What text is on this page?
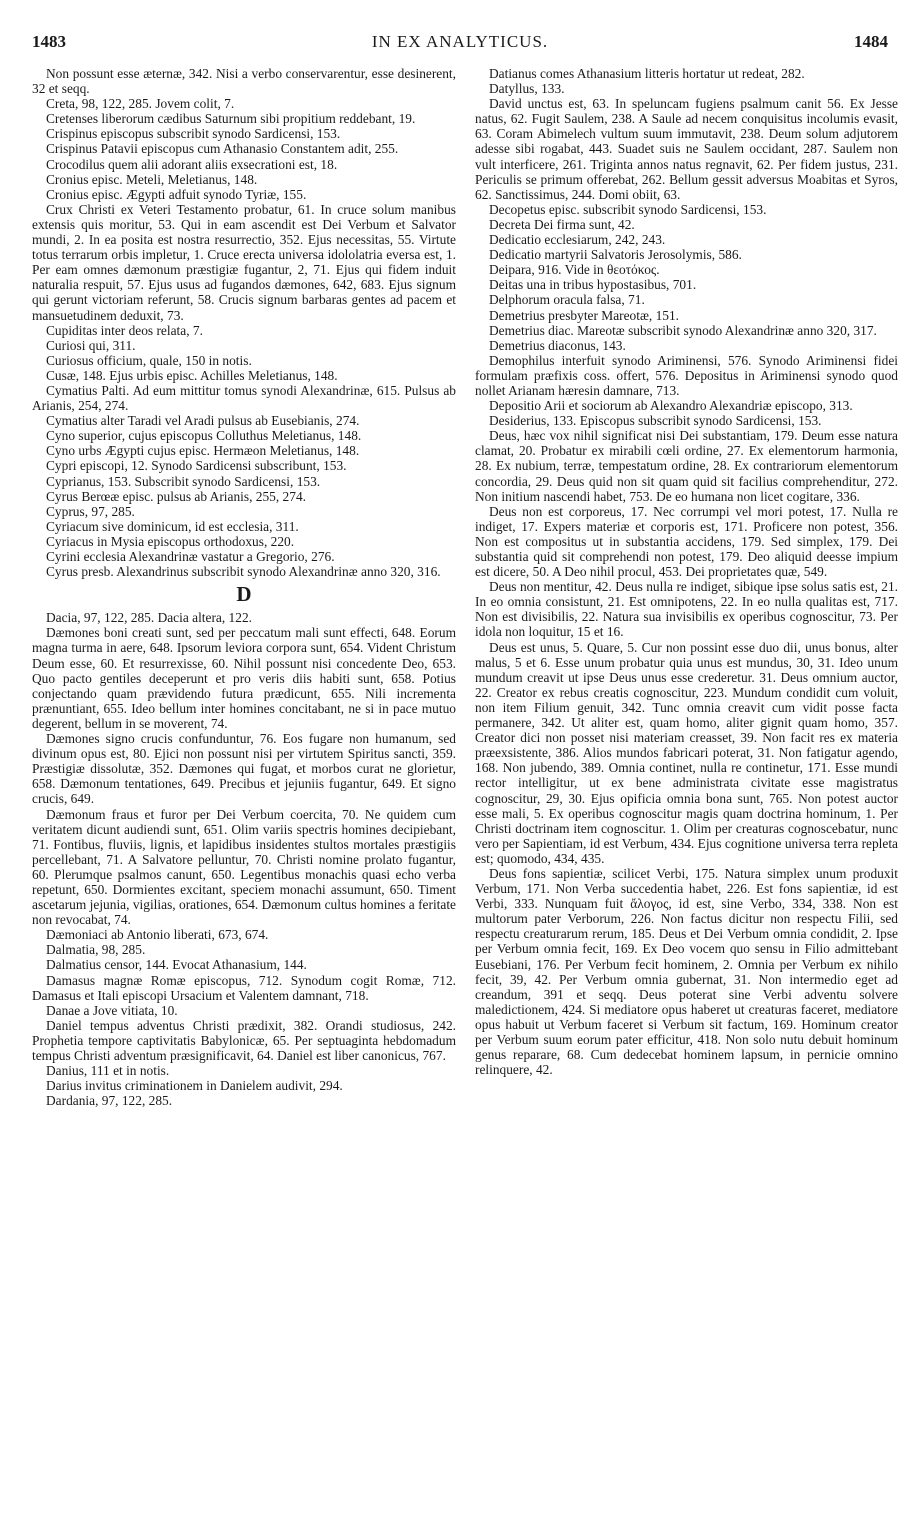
1483	IN EX ANALYTICUS.	1484

Non possunt esse æternæ, 342. Nisi a verbo conservarentur, esse desinerent, 32 et seqq.

Creta, 98, 122, 285. Jovem colit, 7.

Cretenses liberorum cædibus Saturnum sibi propitium reddebant, 19.

Crispinus episcopus subscribit synodo Sardicensi, 153.

Crispinus Patavii episcopus cum Athanasio Constantem adit, 255.

Crocodilus quem alii adorant aliis exsecrationi est, 18.

Cronius episc. Meteli, Meletianus, 148.

Cronius episc. Ægypti adfuit synodo Tyriæ, 155.

Crux Christi ex Veteri Testamento probatur, 61. In cruce solum manibus extensis quis moritur, 53. Qui in eam ascendit est Dei Verbum et Salvator mundi, 2. In ea posita est nostra resurrectio, 352. Ejus necessitas, 55. Virtute totus terrarum orbis impletur, 1. Cruce erecta universa idololatria eversa est, 1. Per eam omnes dæmonum præstigiæ fugantur, 2, 71. Ejus qui fidem induit naturalia respuit, 57. Ejus usus ad fugandos dæmones, 642, 683. Ejus signum qui gerunt victoriam referunt, 58. Crucis signum barbaras gentes ad pacem et mansuetudinem deduxit, 73.

Cupiditas inter deos relata, 7.

Curiosi qui, 311.

Curiosus officium, quale, 150 in notis.

Cusæ, 148. Ejus urbis episc. Achilles Meletianus, 148.

Cymatius Palti. Ad eum mittitur tomus synodi Alexandrinæ, 615. Pulsus ab Arianis, 254, 274.

Cymatius alter Taradi vel Aradi pulsus ab Eusebianis, 274.

Cyno superior, cujus episcopus Colluthus Meletianus, 148.

Cyno urbs Ægypti cujus episc. Hermæon Meletianus, 148.

Cypri episcopi, 12. Synodo Sardicensi subscribunt, 153.

Cyprianus, 153. Subscribit synodo Sardicensi, 153.

Cyrus Berœæ episc. pulsus ab Arianis, 255, 274.

Cyprus, 97, 285.

Cyriacum sive dominicum, id est ecclesia, 311.

Cyriacus in Mysia episcopus orthodoxus, 220.

Cyrini ecclesia Alexandrinæ vastatur a Gregorio, 276.

Cyrus presb. Alexandrinus subscribit synodo Alexandrinæ anno 320, 316.

D

Dacia, 97, 122, 285. Dacia altera, 122.

Dæmones boni creati sunt, sed per peccatum mali sunt effecti, 648. Eorum magna turma in aere, 648. Ipsorum leviora corpora sunt, 654. Vident Christum Deum esse, 60. Et resurrexisse, 60. Nihil possunt nisi concedente Deo, 653. Quo pacto gentiles deceperunt et pro veris diis habiti sunt, 658. Potius conjectando quam prævidendo futura prædicunt, 655. Nili incrementa prænuntiant, 655. Ideo bellum inter homines concitabant, ne si in pace mutuo degerent, bellum in se moverent, 74.

Dæmones signo crucis confunduntur, 76. Eos fugare non humanum, sed divinum opus est, 80. Ejici non possunt nisi per virtutem Spiritus sancti, 359. Præstigiæ dissolutæ, 352. Dæmones qui fugat, et morbos curat ne glorietur, 658. Dæmonum tentationes, 649. Precibus et jejuniis fugantur, 649. Et signo crucis, 649.

Dæmonum fraus et furor per Dei Verbum coercita, 70. Ne quidem cum veritatem dicunt audiendi sunt, 651. Olim variis spectris homines decipiebant, 71. Fontibus, fluviis, lignis, et lapidibus insidentes stultos mortales præstigiis percellebant, 71. A Salvatore pelluntur, 70. Christi nomine prolato fugantur, 60. Plerumque psalmos canunt, 650. Legentibus monachis quasi echo verba repetunt, 650. Dormientes excitant, speciem monachi assumunt, 650. Timent ascetarum jejunia, vigilias, orationes, 654. Dæmonum cultus homines a feritate non revocabat, 74.

Dæmoniaci ab Antonio liberati, 673, 674.

Dalmatia, 98, 285.

Dalmatius censor, 144. Evocat Athanasium, 144.

Damasus magnæ Romæ episcopus, 712. Synodum cogit Romæ, 712. Damasus et Itali episcopi Ursacium et Valentem damnant, 718.

Danae a Jove vitiata, 10.

Daniel tempus adventus Christi prædixit, 382. Orandi studiosus, 242. Prophetia tempore captivitatis Babylonicæ, 65. Per septuaginta hebdomadum tempus Christi adventum præsignificavit, 64. Daniel est liber canonicus, 767.

Danius, 111 et in notis.

Darius invitus criminationem in Danielem audivit, 294.

Dardania, 97, 122, 285.

Datianus comes Athanasium litteris hortatur ut redeat, 282.

Datyllus, 133.

David unctus est, 63. In speluncam fugiens psalmum canit 56. Ex Jesse natus, 62. Fugit Saulem, 238. A Saule ad necem conquisitus incolumis evasit, 63. Coram Abimelech vultum suum immutavit, 238. Deum solum adjutorem adesse sibi rogabat, 443. Suadet suis ne Saulem occidant, 287. Saulem non vult interficere, 261. Triginta annos natus regnavit, 62. Per fidem justus, 231. Periculis se primum offerebat, 262. Bellum gessit adversus Moabitas et Syros, 62. Sanctissimus, 244. Domi obiit, 63.

Decopetus episc. subscribit synodo Sardicensi, 153.

Decreta Dei firma sunt, 42.

Dedicatio ecclesiarum, 242, 243.

Dedicatio martyrii Salvatoris Jerosolymis, 586.

Deipara, 916. Vide in θεοτόκος.

Deitas una in tribus hypostasibus, 701.

Delphorum oracula falsa, 71.

Demetrius presbyter Mareotæ, 151.

Demetrius diac. Mareotæ subscribit synodo Alexandrinæ anno 320, 317.

Demetrius diaconus, 143.

Demophilus interfuit synodo Ariminensi, 576. Synodo Ariminensi fidei formulam præfixis coss. offert, 576. Depositus in Ariminensi synodo quod nollet Arianam hæresin damnare, 713.

Depositio Arii et sociorum ab Alexandro Alexandriæ episcopo, 313.

Desiderius, 133. Episcopus subscribit synodo Sardicensi, 153.

Deus, hæc vox nihil significat nisi Dei substantiam, 179. Deum esse natura clamat, 20. Probatur ex mirabili cœli ordine, 27. Ex elementorum harmonia, 28. Ex nubium, terræ, tempestatum ordine, 28. Ex contrariorum elementorum concordia, 29. Deus quid non sit quam quid sit facilius comprehenditur, 272. Non initium nascendi habet, 753. De eo humana non licet cogitare, 336.

Deus non est corporeus, 17. Nec corrumpi vel mori potest, 17. Nulla re indiget, 17. Expers materiæ et corporis est, 171. Proficere non potest, 356. Non est compositus ut in substantia accidens, 179. Sed simplex, 179. Dei substantia quid sit comprehendi non potest, 179. Deo aliquid deesse impium est dicere, 50. A Deo nihil procul, 453. Dei proprietates quæ, 549.

Deus non mentitur, 42. Deus nulla re indiget, sibique ipse solus satis est, 21. In eo omnia consistunt, 21. Est omnipotens, 22. In eo nulla qualitas est, 717. Non est divisibilis, 22. Natura sua invisibilis ex operibus cognoscitur, 73. Per idola non loquitur, 15 et 16.

Deus est unus, 5. Quare, 5. Cur non possint esse duo dii, unus bonus, alter malus, 5 et 6. Esse unum probatur quia unus est mundus, 30, 31. Ideo unum mundum creavit ut ipse Deus unus esse crederetur. 31. Deus omnium auctor, 22. Creator ex rebus creatis cognoscitur, 223. Mundum condidit cum voluit, non item Filium genuit, 342. Tunc omnia creavit cum vidit posse facta permanere, 342. Ut aliter est, quam homo, aliter gignit quam homo, 357. Creator dici non posset nisi materiam creasset, 39. Non facit res ex materia præexsistente, 386. Alios mundos fabricari poterat, 31. Non fatigatur agendo, 168. Non jubendo, 389. Omnia continet, nulla re continetur, 171. Esse mundi rector intelligitur, ut ex bene administrata civitate esse magistratus cognoscitur, 29, 30. Ejus opificia omnia bona sunt, 765. Non potest auctor esse mali, 5. Ex operibus cognoscitur magis quam doctrina hominum, 1. Per Christi doctrinam item cognoscitur. 1. Olim per creaturas cognoscebatur, nunc vero per Sapientiam, id est Verbum, 434. Ejus cognitione universa terra repleta est; quomodo, 434, 435.

Deus fons sapientiæ, scilicet Verbi, 175. Natura simplex unum produxit Verbum, 171. Non Verba succedentia habet, 226. Est fons sapientiæ, id est Verbi, 333. Nunquam fuit ἄλογος, id est, sine Verbo, 334, 338. Non est multorum pater Verborum, 226. Non factus dicitur non respectu Filii, sed respectu creaturarum rerum, 185. Deus et Dei Verbum omnia condidit, 2. Ipse per Verbum omnia fecit, 169. Ex Deo vocem quo sensu in Filio admittebant Eusebiani, 176. Per Verbum fecit hominem, 2. Omnia per Verbum ex nihilo fecit, 39, 42. Per Verbum omnia gubernat, 31. Non intermedio eget ad creandum, 391 et seqq. Deus poterat sine Verbi adventu solvere maledictionem, 424. Si mediatore opus haberet ut creaturas faceret, mediatore opus habuit ut Verbum faceret si Verbum sit factum, 169. Hominum creator per Verbum suum eorum pater efficitur, 418. Non solo nutu debuit hominum genus reparare, 68. Cum dedecebat hominem lapsum, in pernicie omnino relinquere, 42.
